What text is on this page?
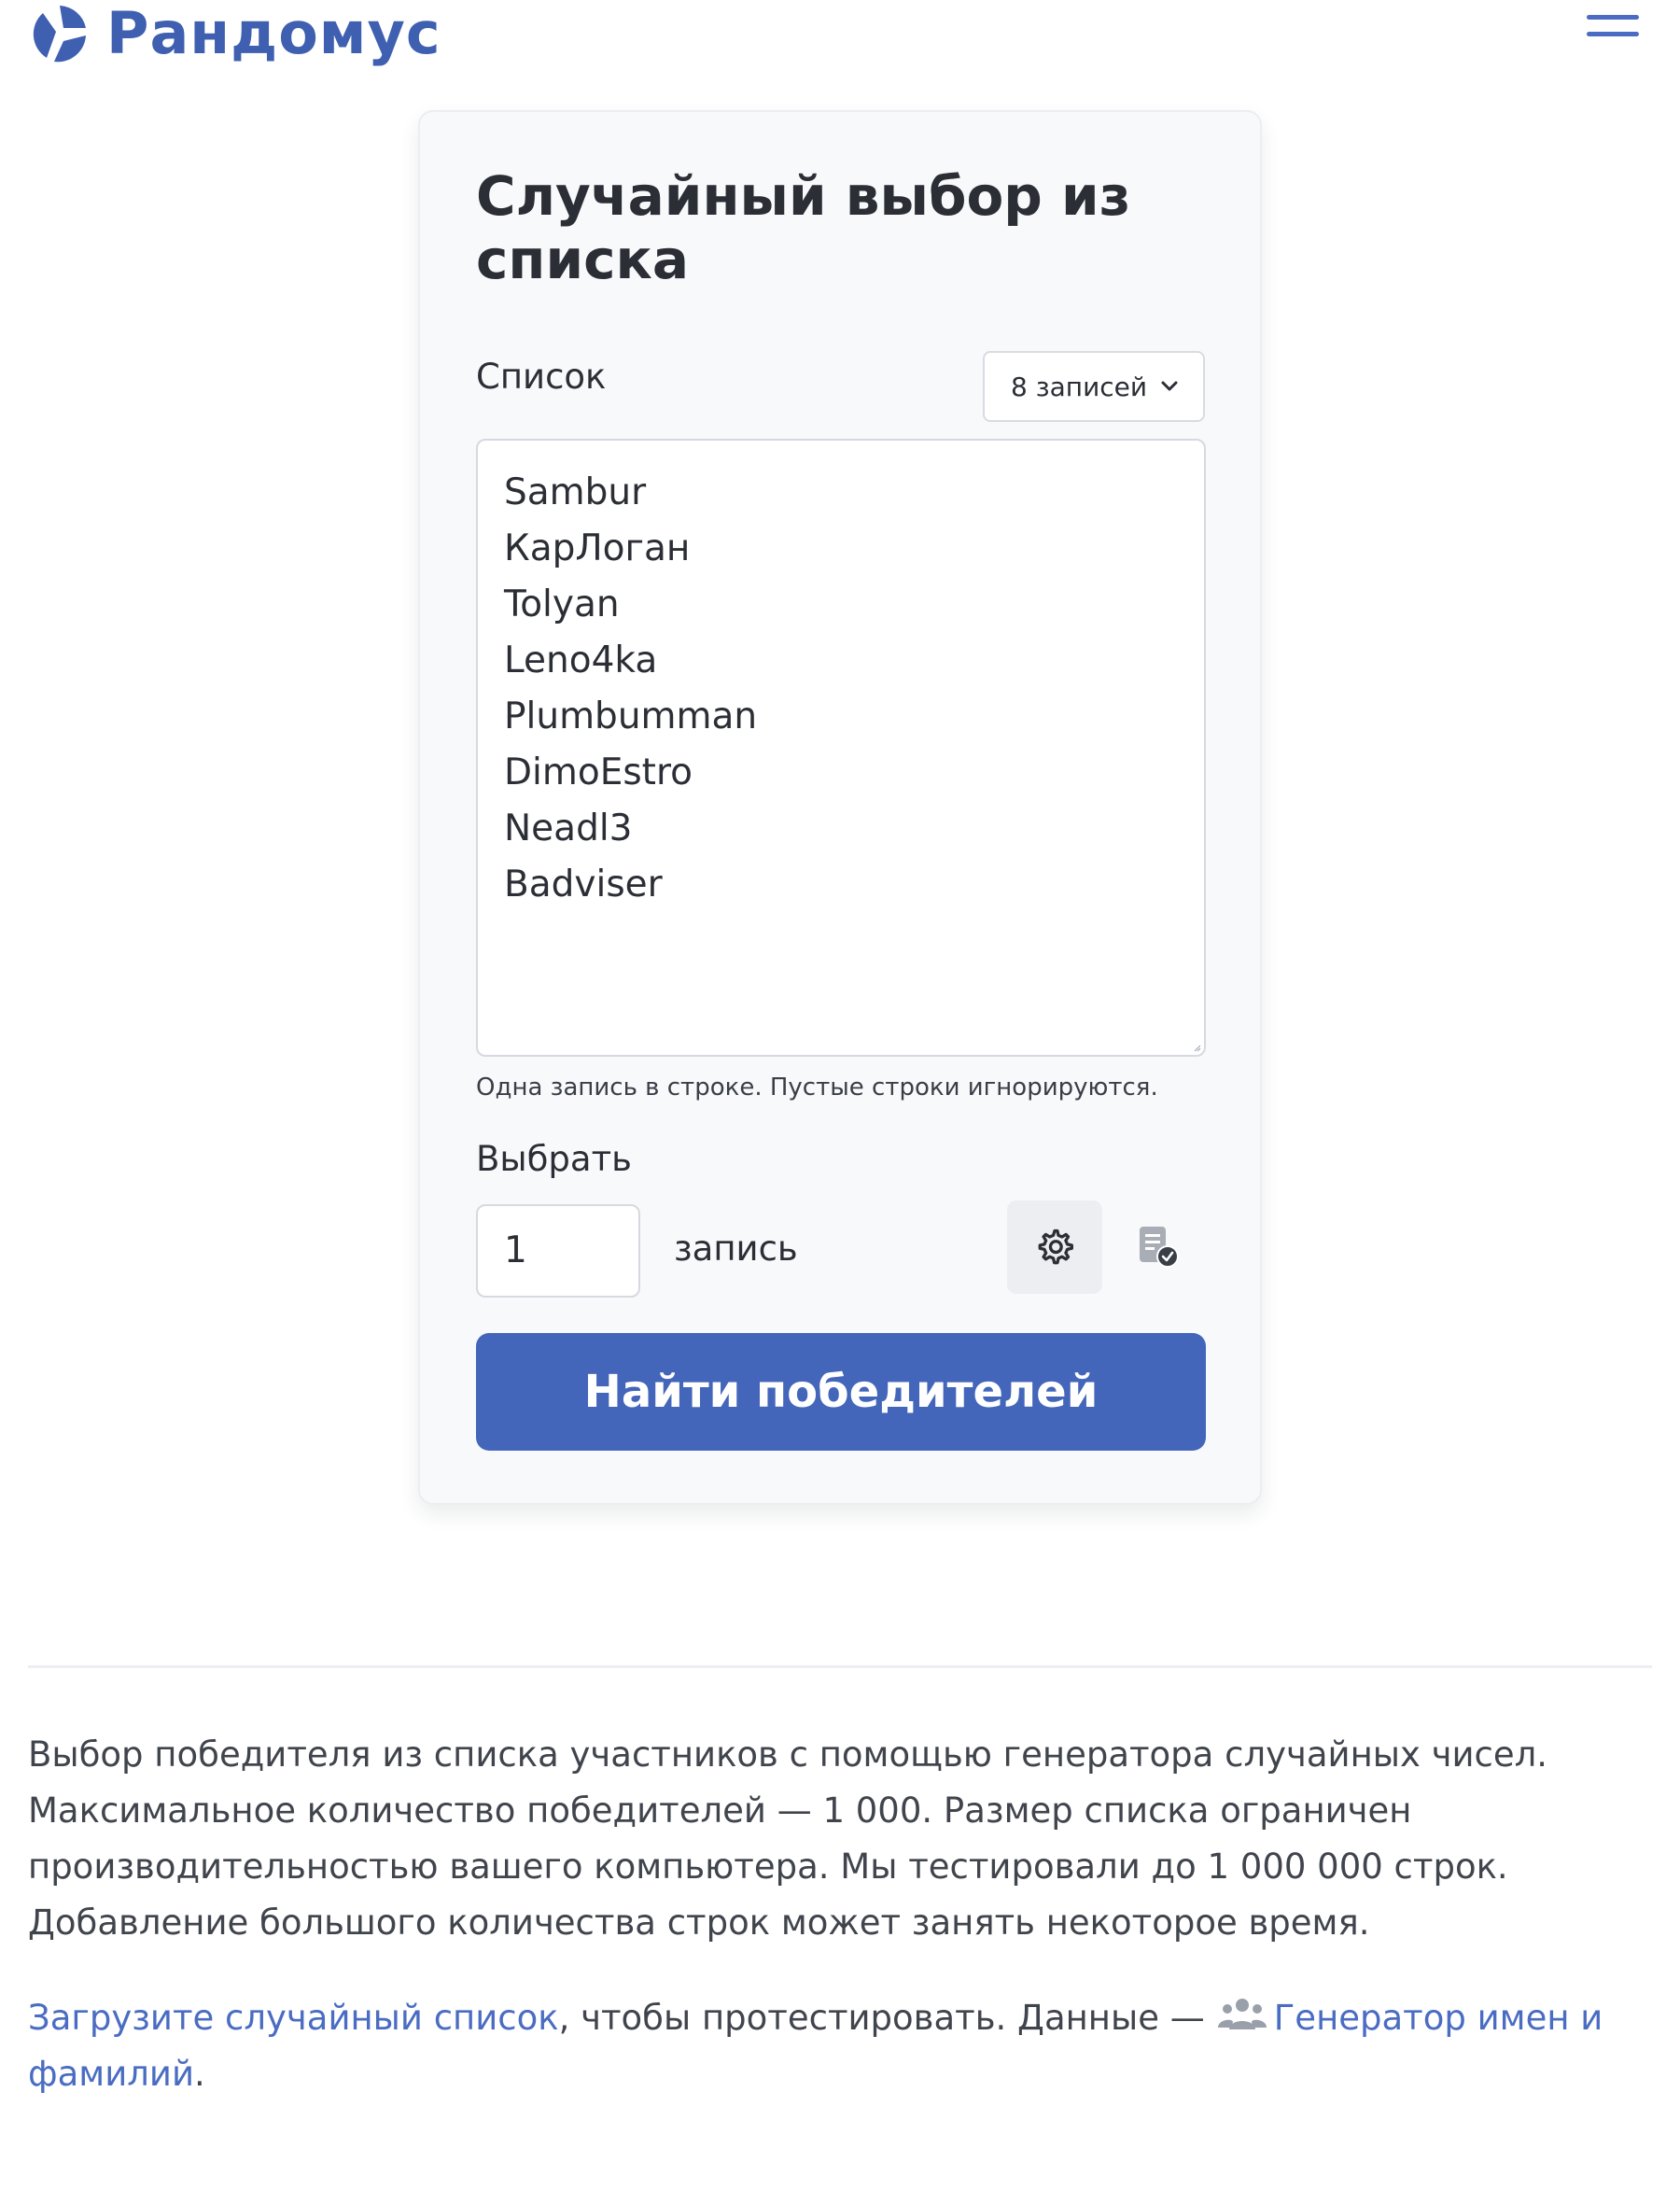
Рандомус
Случайный выбор из списка
Список	8 записей
Sambur
КарЛоган
Tolyan
Leno4ka
Plumbumman
DimoEstro
Neadl3
Badviser
Одна запись в строке. Пустые строки игнорируются.
Выбрать
1	запись
Найти победителей

Выбор победителя из списка участников с помощью генератора случайных чисел. Максимальное количество победителей — 1 000. Размер списка ограничен производительностью вашего компьютера. Мы тестировали до 1 000 000 строк. Добавление большого количества строк может занять некоторое время.

Загрузите случайный список, чтобы протестировать. Данные — Генератор имен и фамилий.
